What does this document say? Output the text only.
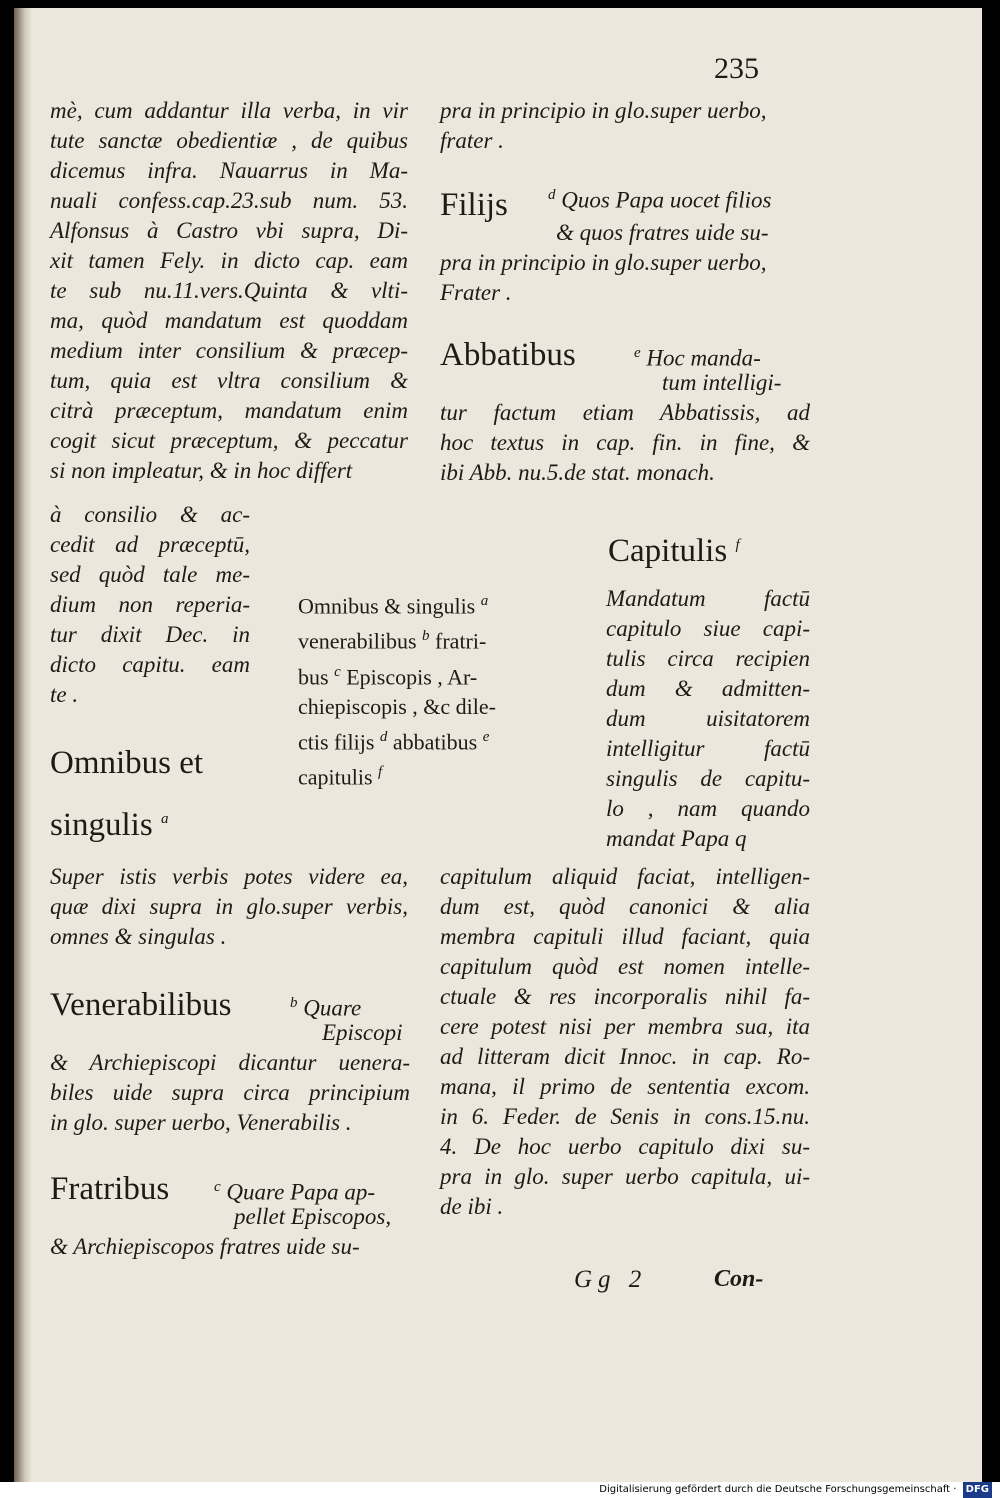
235
mè, cum addantur illa verba, in vir
tute sanctæ obedientiæ , de quibus
dicemus infra. Nauarrus in Ma-
nuali confess.cap.23.sub num. 53.
Alfonsus à Castro vbi supra, Di-
xit tamen Fely. in dicto cap. eam
te sub nu.11.vers.Quinta & vlti-
ma, quòd mandatum est quoddam
medium inter consilium & præcep-
tum, quia est vltra consilium &
citrà præceptum, mandatum enim
cogit sicut præceptum, & peccatur
si non impleatur, & in hoc differt
à consilio & ac-
cedit ad præceptū,
sed quòd tale me-
dium non reperia-
tur dixit Dec. in
dicto capitu. eam
te .
Omnibus et
singulis $^a$
Super istis verbis potes videre ea,
quæ dixi supra in glo.super verbis,
omnes & singulas .
Venerabilibus	$^b$ Quare
Episcopi
& Archiepiscopi dicantur uenera-
biles uide supra circa principium
in glo. super uerbo, Venerabilis .
Fratribus	$^c$ Quare Papa ap-
pellet Episcopos,
& Archiepiscopos fratres uide su-
Omnibus & singulis $^a$
venerabilibus $^b$ fratri-
bus $^c$ Episcopis , Ar-
chiepiscopis , &c dile-
ctis filijs $^d$ abbatibus $^e$
capitulis $^f$
pra in principio in glo.super uerbo,
frater .
Filijs	$^d$ Quos Papa uocet filios
& quos fratres uide su-
pra in principio in glo.super uerbo,
Frater .
Abbatibus	$^e$ Hoc manda-
tum intelligi-
tur factum etiam Abbatissis, ad
hoc textus in cap. fin. in fine, &
ibi Abb. nu.5.de stat. monach.
Capitulis $^f$
Mandatum factū
capitulo siue capi-
tulis circa recipien
dum & admitten-
dum uisitatorem
intelligitur factū
singulis de capitu-
lo , nam quando
mandat Papa q
capitulum aliquid faciat, intelligen-
dum est, quòd canonici & alia
membra capituli illud faciant, quia
capitulum quòd est nomen intelle-
ctuale & res incorporalis nihil fa-
cere potest nisi per membra sua, ita
ad litteram dicit Innoc. in cap. Ro-
mana, il primo de sententia excom.
in 6. Feder. de Senis in cons.15.nu.
4. De hoc uerbo capitulo dixi su-
pra in glo. super uerbo capitula, ui-
de ibi .
Gg 2	Con-
Digitalisierung gefördert durch die Deutsche Forschungsgemeinschaft · DFG
